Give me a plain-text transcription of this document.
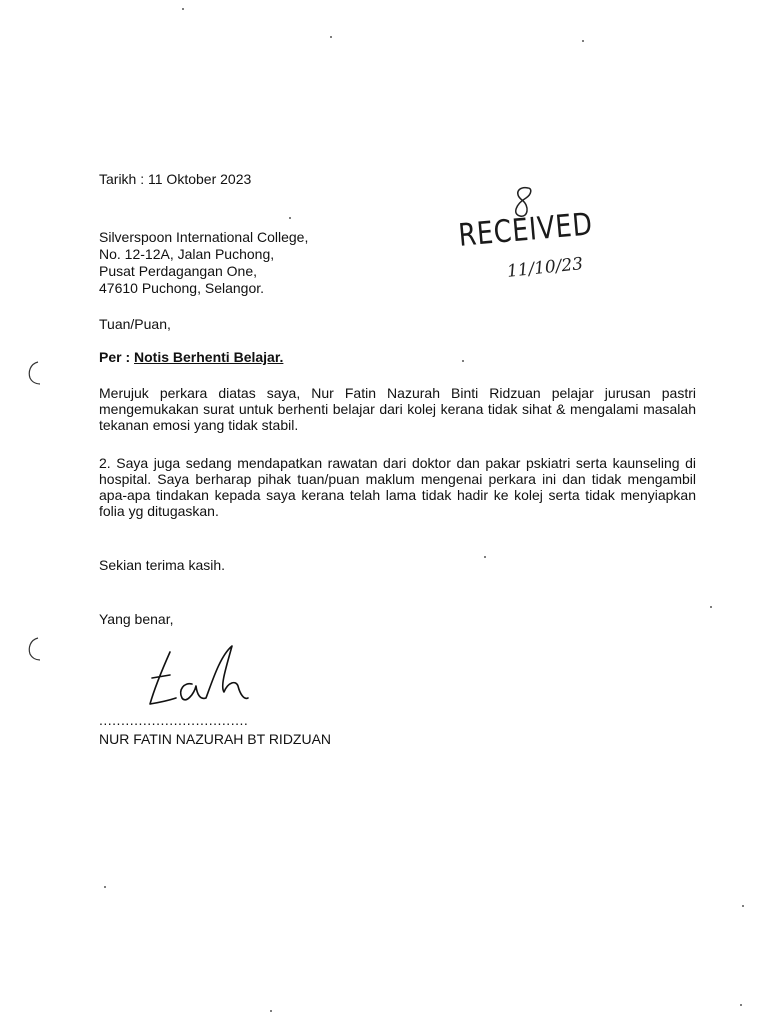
Tarikh : 11 Oktober 2023
Silverspoon International College,
No. 12-12A, Jalan Puchong,
Pusat Perdagangan One,
47610 Puchong, Selangor.
Tuan/Puan,
Per : Notis Berhenti Belajar.
Merujuk perkara diatas saya, Nur Fatin Nazurah Binti Ridzuan pelajar jurusan pastri mengemukakan surat untuk berhenti belajar dari kolej kerana tidak sihat & mengalami masalah tekanan emosi yang tidak stabil.
2. Saya juga sedang mendapatkan rawatan dari doktor dan pakar pskiatri serta kaunseling di hospital. Saya berharap pihak tuan/puan maklum mengenai perkara ini dan tidak mengambil apa-apa tindakan kepada saya kerana telah lama tidak hadir ke kolej serta tidak menyiapkan folia yg ditugaskan.
Sekian terima kasih.
Yang benar,
..................................
NUR FATIN NAZURAH BT RIDZUAN
RECEIVED
11/10/23
